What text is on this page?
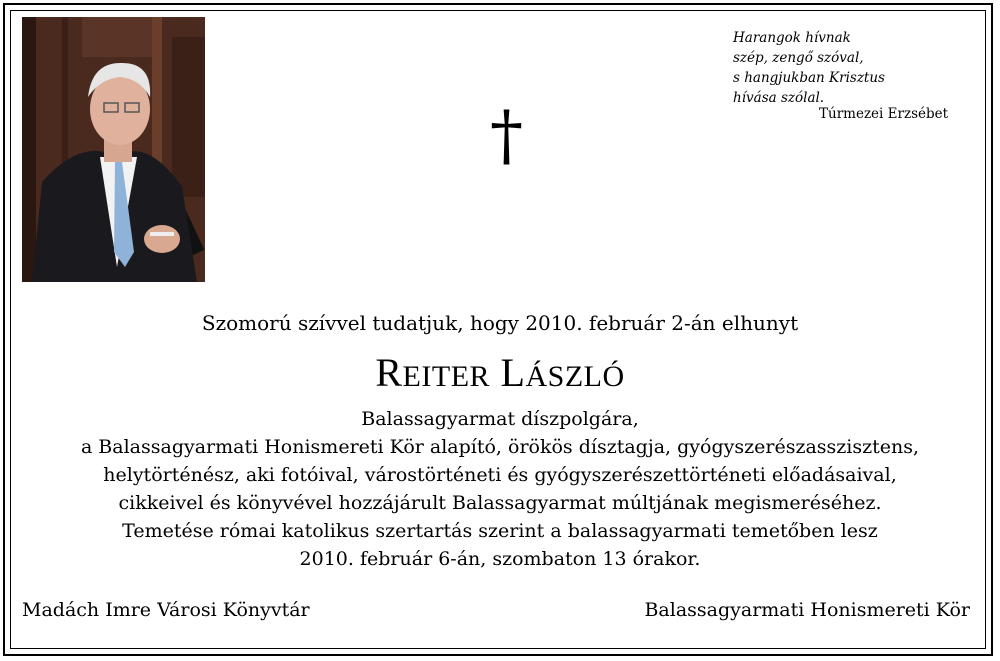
†
Harangok hívnak
szép, zengő szóval,
s hangjukban Krisztus
hívása szólal.
Túrmezei Erzsébet
Szomorú szívvel tudatjuk, hogy 2010. február 2-án elhunyt
REITER LÁSZLÓ
Balassagyarmat díszpolgára,
a Balassagyarmati Honismereti Kör alapító, örökös dísztagja, gyógyszerészasszisztens,
helytörténész, aki fotóival, várostörténeti és gyógyszerészettörténeti előadásaival,
cikkeivel és könyvével hozzájárult Balassagyarmat múltjának megismeréséhez.
Temetése római katolikus szertartás szerint a balassagyarmati temetőben lesz
2010. február 6-án, szombaton 13 órakor.
Madách Imre Városi Könyvtár	Balassagyarmati Honismereti Kör
